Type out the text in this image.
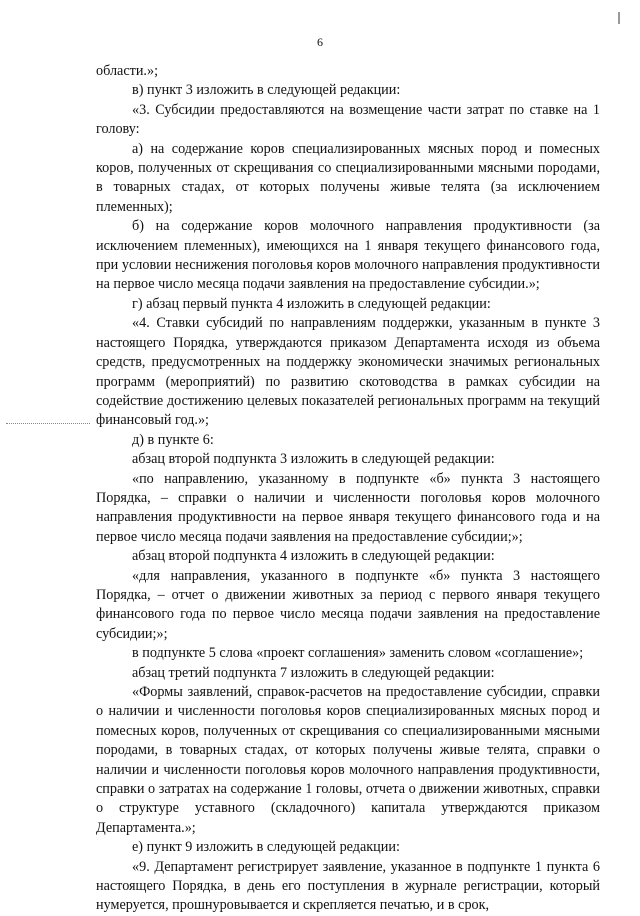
6

области.»;

в) пункт 3 изложить в следующей редакции:

«3. Субсидии предоставляются на возмещение части затрат по ставке на 1 голову:

а) на содержание коров специализированных мясных пород и помесных коров, полученных от скрещивания со специализированными мясными породами, в товарных стадах, от которых получены живые телята (за исключением племенных);

б) на содержание коров молочного направления продуктивности (за исключением племенных), имеющихся на 1 января текущего финансового года, при условии неснижения поголовья коров молочного направления продуктивности на первое число месяца подачи заявления на предоставление субсидии.»;

г) абзац первый пункта 4 изложить в следующей редакции:

«4. Ставки субсидий по направлениям поддержки, указанным в пункте 3 настоящего Порядка, утверждаются приказом Департамента исходя из объема средств, предусмотренных на поддержку экономически значимых региональных программ (мероприятий) по развитию скотоводства в рамках субсидии на содействие достижению целевых показателей региональных программ на текущий финансовый год.»;

д) в пункте 6:

абзац второй подпункта 3 изложить в следующей редакции:

«по направлению, указанному в подпункте «б» пункта 3 настоящего Порядка, – справки о наличии и численности поголовья коров молочного направления продуктивности на первое января текущего финансового года и на первое число месяца подачи заявления на предоставление субсидии;»;

абзац второй подпункта 4 изложить в следующей редакции:

«для направления, указанного в подпункте «б» пункта 3 настоящего Порядка, – отчет о движении животных за период с первого января текущего финансового года по первое число месяца подачи заявления на предоставление субсидии;»;

в подпункте 5 слова «проект соглашения» заменить словом «соглашение»;

абзац третий подпункта 7 изложить в следующей редакции:

«Формы заявлений, справок-расчетов на предоставление субсидии, справки о наличии и численности поголовья коров специализированных мясных пород и помесных коров, полученных от скрещивания со специализированными мясными породами, в товарных стадах, от которых получены живые телята, справки о наличии и численности поголовья коров молочного направления продуктивности, справки о затратах на содержание 1 головы, отчета о движении животных, справки о структуре уставного (складочного) капитала утверждаются приказом Департамента.»;

е) пункт 9 изложить в следующей редакции:

«9. Департамент регистрирует заявление, указанное в подпункте 1 пункта 6 настоящего Порядка, в день его поступления в журнале регистрации, который нумеруется, прошнуровывается и скрепляется печатью, и в срок,
